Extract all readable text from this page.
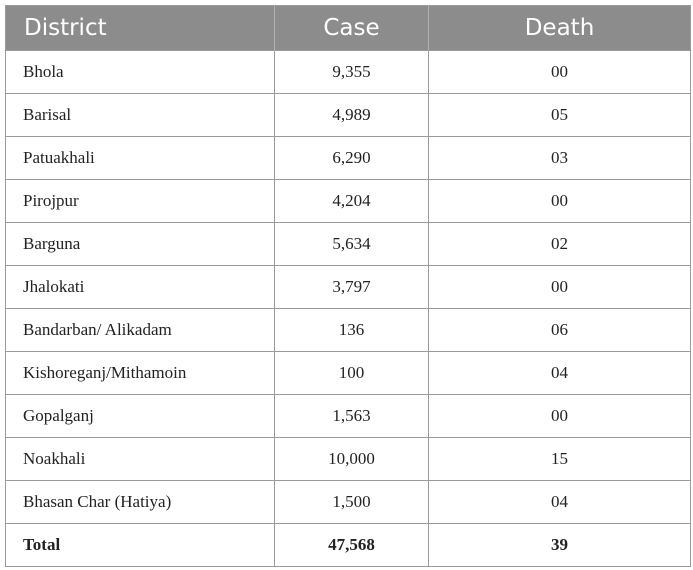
District	Case	Death
Bhola	9,355	00
Barisal	4,989	05
Patuakhali	6,290	03
Pirojpur	4,204	00
Barguna	5,634	02
Jhalokati	3,797	00
Bandarban/ Alikadam	136	06
Kishoreganj/Mithamoin	100	04
Gopalganj	1,563	00
Noakhali	10,000	15
Bhasan Char (Hatiya)	1,500	04
Total	47,568	39
